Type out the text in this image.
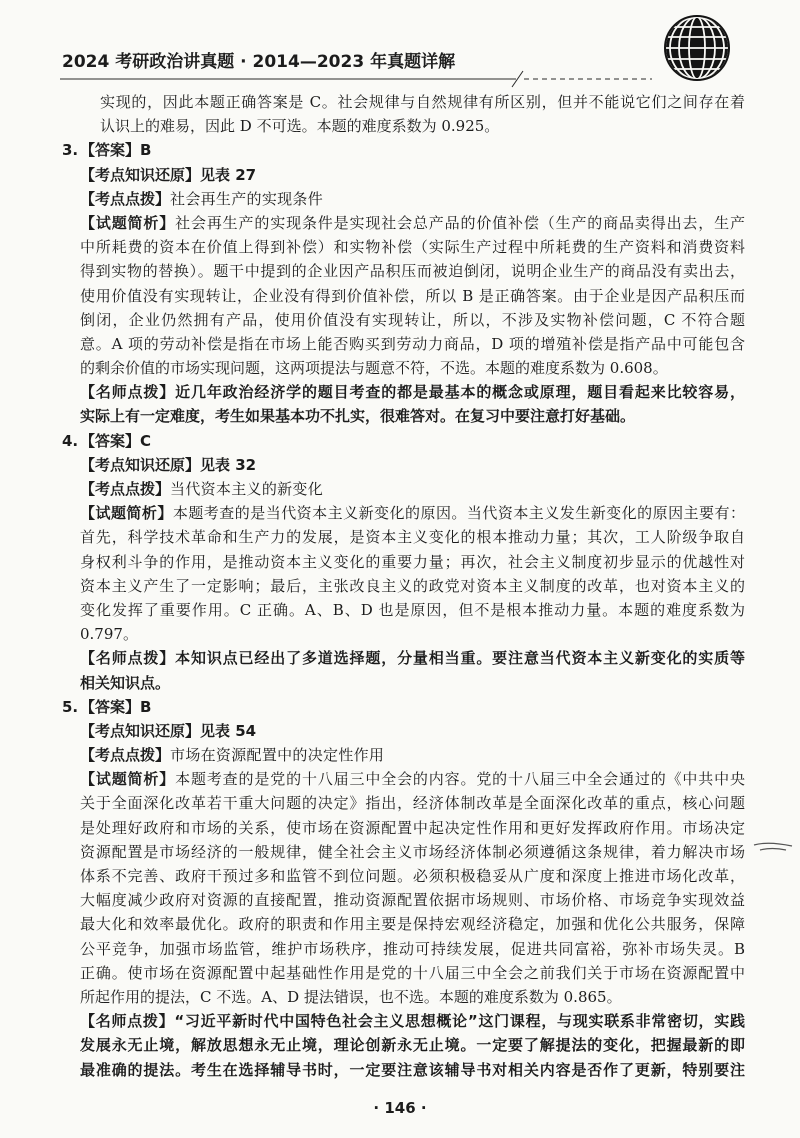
2024 考研政治讲真题 · 2014—2023 年真题详解
实现的，因此本题正确答案是 C。社会规律与自然规律有所区别，但并不能说它们之间存在着
认识上的难易，因此 D 不可选。本题的难度系数为 0.925。
3. 【答案】B
【考点知识还原】见表 27
【考点点拨】社会再生产的实现条件
【试题简析】社会再生产的实现条件是实现社会总产品的价值补偿（生产的商品卖得出去，生产
中所耗费的资本在价值上得到补偿）和实物补偿（实际生产过程中所耗费的生产资料和消费资料
得到实物的替换）。题干中提到的企业因产品积压而被迫倒闭，说明企业生产的商品没有卖出去，
使用价值没有实现转让，企业没有得到价值补偿，所以 B 是正确答案。由于企业是因产品积压而
倒闭，企业仍然拥有产品，使用价值没有实现转让，所以，不涉及实物补偿问题，C 不符合题
意。A 项的劳动补偿是指在市场上能否购买到劳动力商品，D 项的增殖补偿是指产品中可能包含
的剩余价值的市场实现问题，这两项提法与题意不符，不选。本题的难度系数为 0.608。
【名师点拨】近几年政治经济学的题目考查的都是最基本的概念或原理，题目看起来比较容易，
实际上有一定难度，考生如果基本功不扎实，很难答对。在复习中要注意打好基础。
4. 【答案】C
【考点知识还原】见表 32
【考点点拨】当代资本主义的新变化
【试题简析】本题考查的是当代资本主义新变化的原因。当代资本主义发生新变化的原因主要有：
首先，科学技术革命和生产力的发展，是资本主义变化的根本推动力量；其次，工人阶级争取自
身权利斗争的作用，是推动资本主义变化的重要力量；再次，社会主义制度初步显示的优越性对
资本主义产生了一定影响；最后，主张改良主义的政党对资本主义制度的改革，也对资本主义的
变化发挥了重要作用。C 正确。A、B、D 也是原因，但不是根本推动力量。本题的难度系数为
0.797。
【名师点拨】本知识点已经出了多道选择题，分量相当重。要注意当代资本主义新变化的实质等
相关知识点。
5. 【答案】B
【考点知识还原】见表 54
【考点点拨】市场在资源配置中的决定性作用
【试题简析】本题考查的是党的十八届三中全会的内容。党的十八届三中全会通过的《中共中央
关于全面深化改革若干重大问题的决定》指出，经济体制改革是全面深化改革的重点，核心问题
是处理好政府和市场的关系，使市场在资源配置中起决定性作用和更好发挥政府作用。市场决定
资源配置是市场经济的一般规律，健全社会主义市场经济体制必须遵循这条规律，着力解决市场
体系不完善、政府干预过多和监管不到位问题。必须积极稳妥从广度和深度上推进市场化改革，
大幅度减少政府对资源的直接配置，推动资源配置依据市场规则、市场价格、市场竞争实现效益
最大化和效率最优化。政府的职责和作用主要是保持宏观经济稳定，加强和优化公共服务，保障
公平竞争，加强市场监管，维护市场秩序，推动可持续发展，促进共同富裕，弥补市场失灵。B
正确。使市场在资源配置中起基础性作用是党的十八届三中全会之前我们关于市场在资源配置中
所起作用的提法，C 不选。A、D 提法错误，也不选。本题的难度系数为 0.865。
【名师点拨】“习近平新时代中国特色社会主义思想概论”这门课程，与现实联系非常密切，实践
发展永无止境，解放思想永无止境，理论创新永无止境。一定要了解提法的变化，把握最新的即
最准确的提法。考生在选择辅导书时，一定要注意该辅导书对相关内容是否作了更新，特别要注
· 146 ·
